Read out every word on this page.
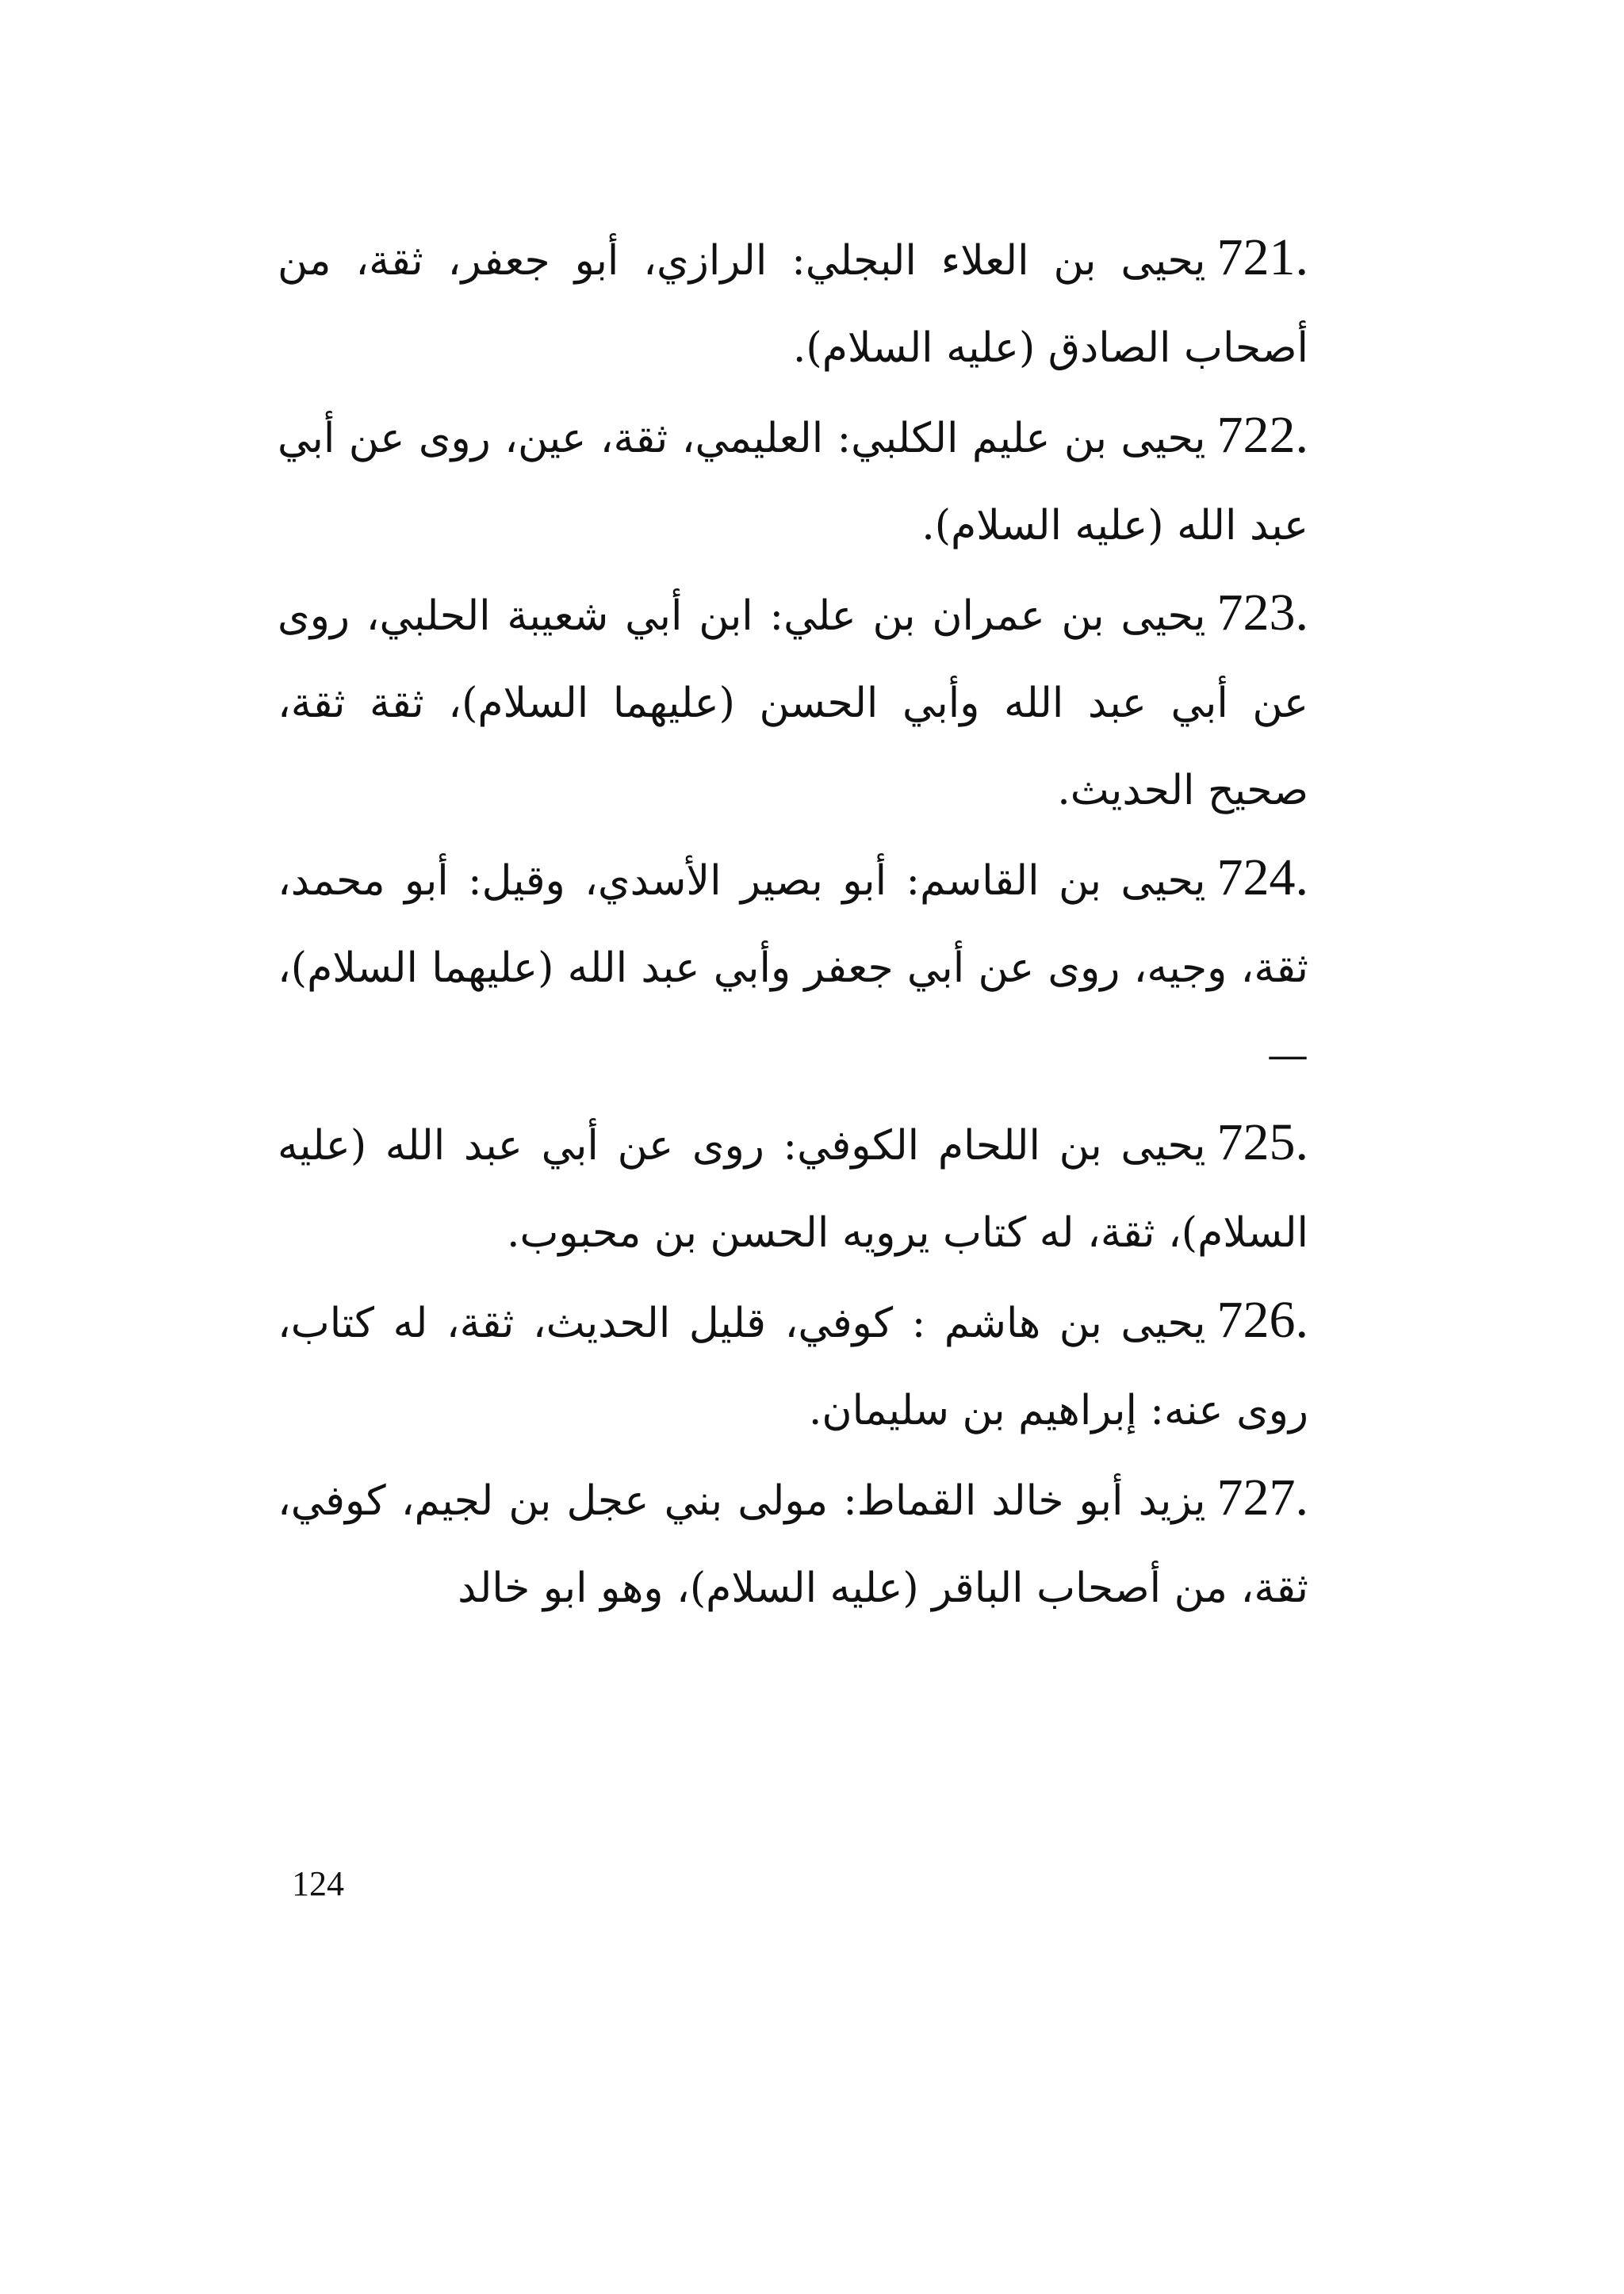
721.يحيى بن العلاء البجلي: الرازي، أبو جعفر، ثقة، من أصحاب الصادق (عليه السلام).

722.يحيى بن عليم الكلبي: العليمي، ثقة، عين، روى عن أبي عبد الله (عليه السلام).

723.يحيى بن عمران بن علي: ابن أبي شعيبة الحلبي، روى عن أبي عبد الله وأبي الحسن (عليهما السلام)، ثقة ثقة، صحيح الحديث.

724.يحيى بن القاسم: أبو بصير الأسدي، وقيل: أبو محمد، ثقة، وجيه، روى عن أبي جعفر وأبي عبد الله (عليهما السلام)، —

725.يحيى بن اللحام الكوفي: روى عن أبي عبد الله (عليه السلام)، ثقة، له كتاب يرويه الحسن بن محبوب.

726.يحيى بن هاشم : كوفي، قليل الحديث، ثقة، له كتاب، روى عنه: إبراهيم بن سليمان.

727.يزيد أبو خالد القماط: مولى بني عجل بن لجيم، كوفي، ثقة، من أصحاب الباقر (عليه السلام)، وهو ابو خالد

124
